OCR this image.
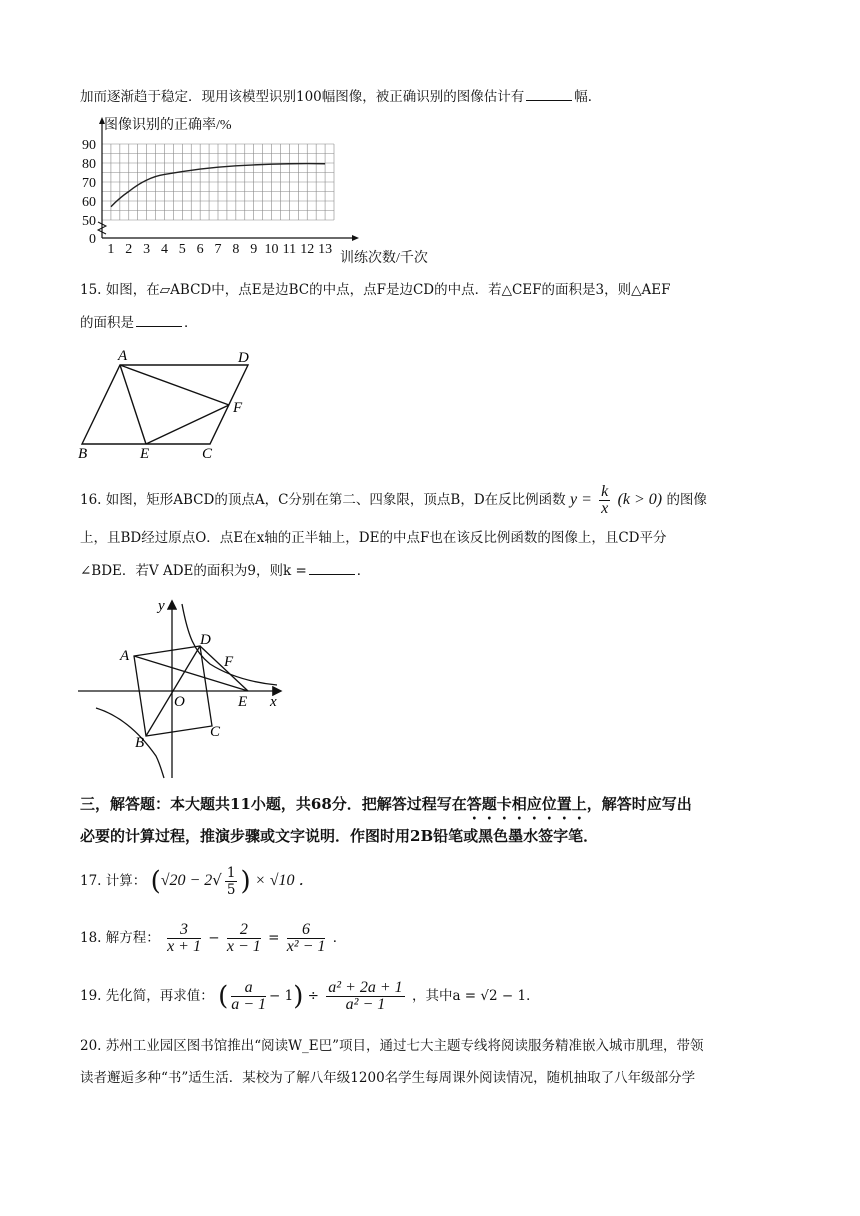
加而逐渐趋于稳定．现用该模型识别100幅图像，被正确识别的图像估计有	幅．
0
50
60
70
80
90
1 2 3 4 5 6 7 8 9 10 11 12 13
图像识别的正确率/%
训练次数/千次
15. 如图，在▱ABCD中，点E是边BC的中点，点F是边CD的中点．若△CEF的面积是3，则△AEF
的面积是	．
A	D
F
B	E	C
16. 如图，矩形ABCD的顶点A，C分别在第二、四象限，顶点B，D在反比例函数 $y = \frac{k}{x} (k > 0)$ 的图像
上，且BD经过原点O．点E在x轴的正半轴上，DE的中点F也在该反比例函数的图像上，且CD平分
∠BDE．若V ADE的面积为9，则k =	．
y
D
A	F
O	E x
B
C
三，解答题：本大题共11小题，共68分．把解答过程写在答题卡相应位置上，解答时应写出
必要的计算过程，推演步骤或文字说明．作图时用2B铅笔或黑色墨水签字笔．
17. 计算： ($√20 - 2√ \frac{1}{5}$ ) × √10 ．
18. 解方程： $\frac{3}{x + 1} - \frac{2}{x - 1} = \frac{6}{\text{x² − 1}}$ ．
19. 先化简，再求值： ( $\frac{a}{a - 1} - 1) \div \frac{\text{a² + 2a + 1}}{\text{a² − 1}}$ ，其中a = √2 − 1．
20. 苏州工业园区图书馆推出“阅读W_E巴”项目，通过七大主题专线将阅读服务精准嵌入城市肌理，带领
读者邂逅多种“书”适生活．某校为了解八年级1200名学生每周课外阅读情况，随机抽取了八年级部分学
